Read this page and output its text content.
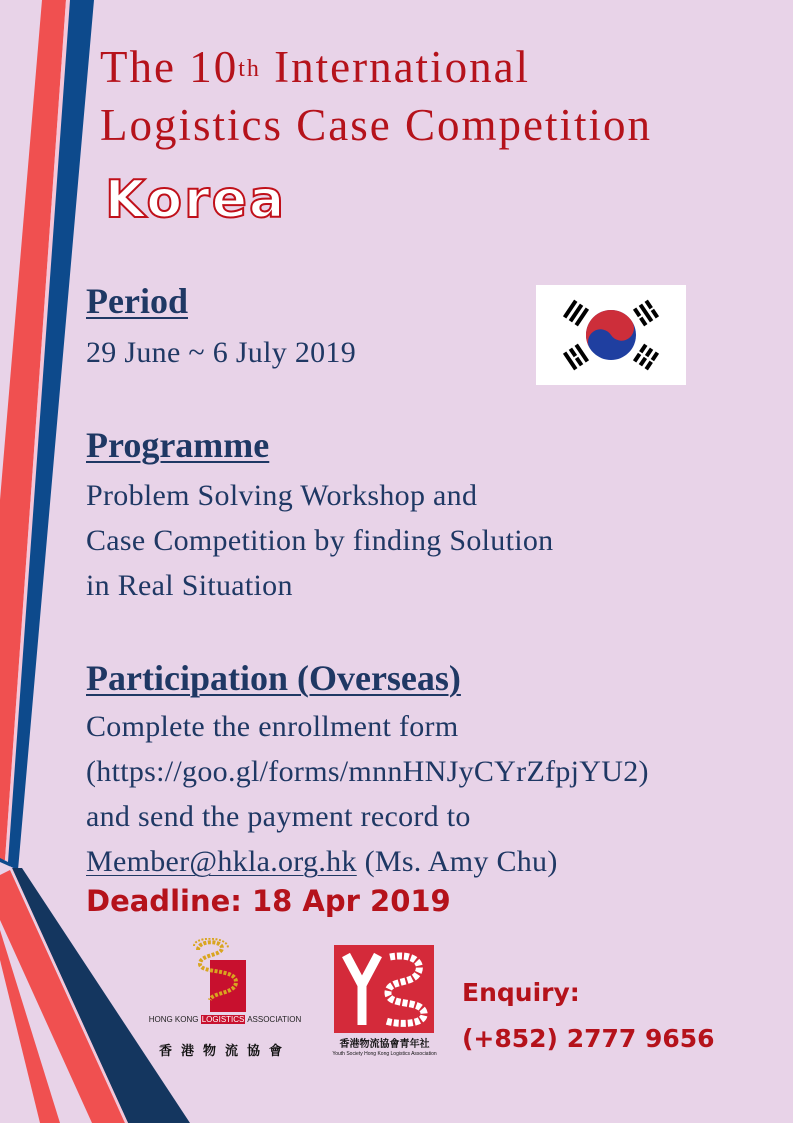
The 10th International
Logistics Case Competition
Korea
Period
29 June ~ 6 July 2019
Programme
Problem Solving Workshop and
Case Competition by finding Solution
in Real Situation
Participation (Overseas)
Complete the enrollment form
(https://goo.gl/forms/mnnHNJyCYrZfpjYU2)
and send the payment record to
Member@hkla.org.hk (Ms. Amy Chu)
Deadline: 18 Apr 2019
HONG KONG LOGISTICS ASSOCIATION
香港物流協會	香港物流協會青年社
Youth Society Hong Kong Logistics Association
Enquiry:
(+852) 2777 9656
